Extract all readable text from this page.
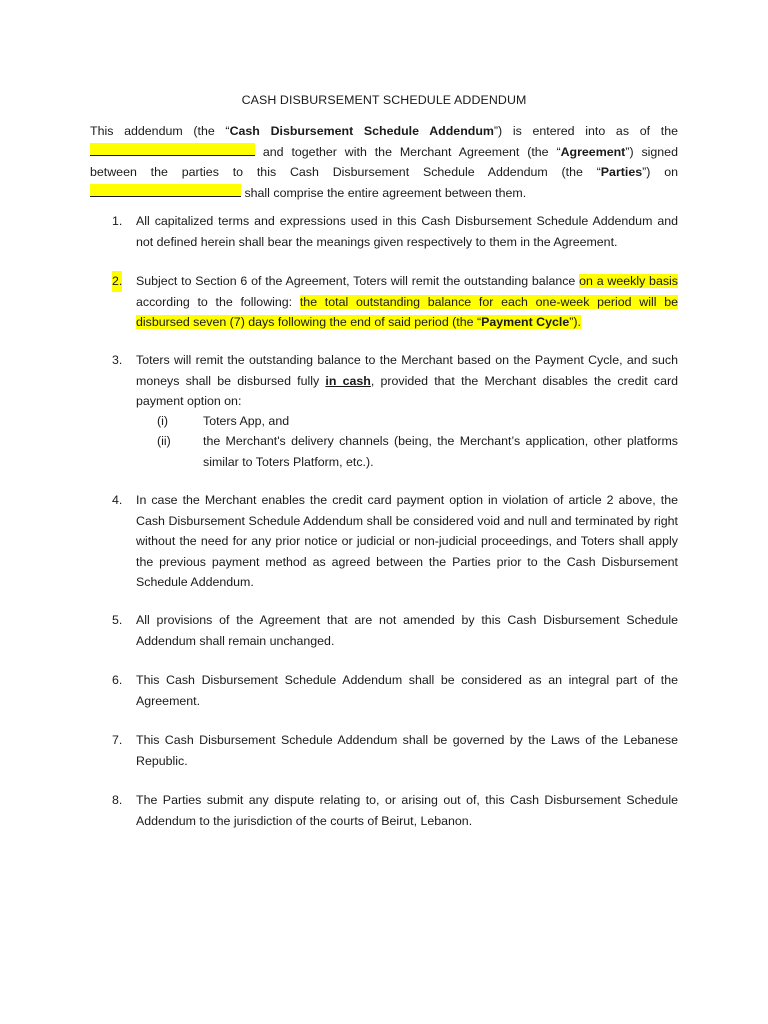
CASH DISBURSEMENT SCHEDULE ADDENDUM

This addendum (the “Cash Disbursement Schedule Addendum”) is entered into as of the  and together with the Merchant Agreement (the “Agreement”) signed between the parties to this Cash Disbursement Schedule Addendum (the “Parties”) on  shall comprise the entire agreement between them.

1. All capitalized terms and expressions used in this Cash Disbursement Schedule Addendum and not defined herein shall bear the meanings given respectively to them in the Agreement.

2. Subject to Section 6 of the Agreement, Toters will remit the outstanding balance on a weekly basis according to the following: the total outstanding balance for each one-week period will be disbursed seven (7) days following the end of said period (the “Payment Cycle”).

3. Toters will remit the outstanding balance to the Merchant based on the Payment Cycle, and such moneys shall be disbursed fully in cash, provided that the Merchant disables the credit card payment option on:

(i)	Toters App, and
(ii)	the Merchant's delivery channels (being, the Merchant’s application, other platforms similar to Toters Platform, etc.).
4. In case the Merchant enables the credit card payment option in violation of article 2 above, the Cash Disbursement Schedule Addendum shall be considered void and null and terminated by right without the need for any prior notice or judicial or non-judicial proceedings, and Toters shall apply the previous payment method as agreed between the Parties prior to the Cash Disbursement Schedule Addendum.

5. All provisions of the Agreement that are not amended by this Cash Disbursement Schedule Addendum shall remain unchanged.

6. This Cash Disbursement Schedule Addendum shall be considered as an integral part of the Agreement.

7. This Cash Disbursement Schedule Addendum shall be governed by the Laws of the Lebanese Republic.

8. The Parties submit any dispute relating to, or arising out of, this Cash Disbursement Schedule Addendum to the jurisdiction of the courts of Beirut, Lebanon.
